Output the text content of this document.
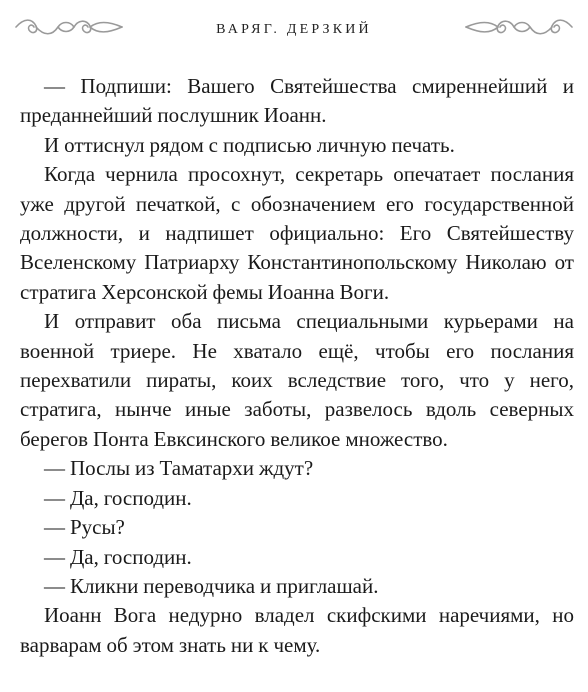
ВАРЯГ. ДЕРЗКИЙ

— Подпиши: Вашего Святейшества смиреннейший и преданнейший послушник Иоанн.

И оттиснул рядом с подписью личную печать.

Когда чернила просохнут, секретарь опечатает послания уже другой печаткой, с обозначением его государственной должности, и надпишет официально: Его Святейшеству Вселенскому Патриарху Константинопольскому Николаю от стратига Херсонской фемы Иоанна Воги.

И отправит оба письма специальными курьерами на военной триере. Не хватало ещё, чтобы его послания перехватили пираты, коих вследствие того, что у него, стратига, нынче иные заботы, развелось вдоль северных берегов Понта Евксинского великое множество.

— Послы из Таматархи ждут?

— Да, господин.

— Русы?

— Да, господин.

— Кликни переводчика и приглашай.

Иоанн Вога недурно владел скифскими наречиями, но варварам об этом знать ни к чему.
